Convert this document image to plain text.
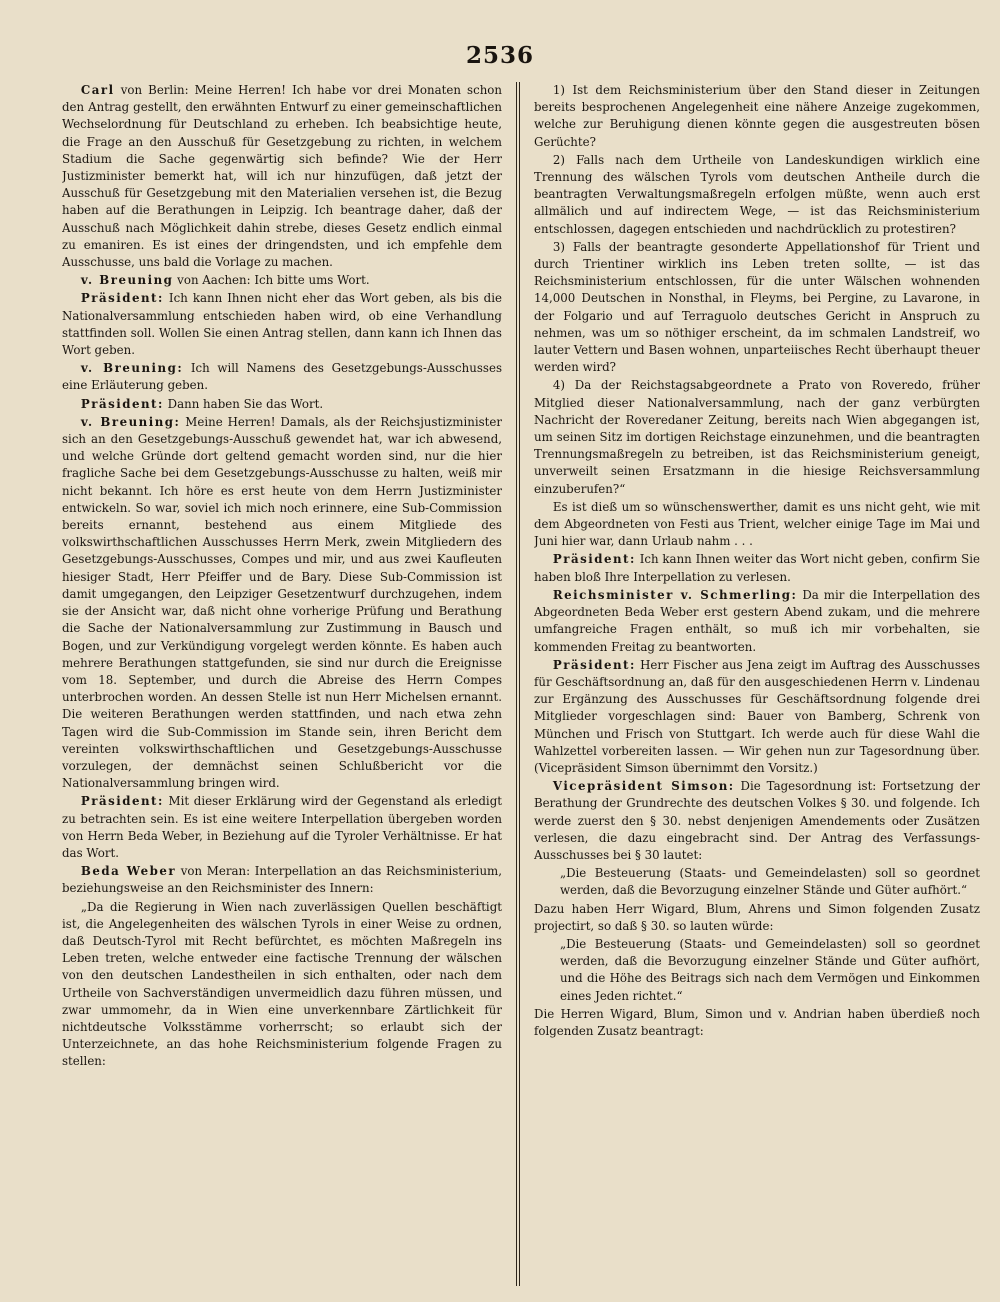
2536

Carl von Berlin: Meine Herren! Ich habe vor drei Monaten schon den Antrag gestellt, den erwähnten Entwurf zu einer gemeinschaftlichen Wechselordnung für Deutschland zu erheben. Ich beabsichtige heute, die Frage an den Ausschuß für Gesetzgebung zu richten, in welchem Stadium die Sache gegenwärtig sich befinde? Wie der Herr Justizminister bemerkt hat, will ich nur hinzufügen, daß jetzt der Ausschuß für Gesetzgebung mit den Materialien versehen ist, die Bezug haben auf die Berathungen in Leipzig. Ich beantrage daher, daß der Ausschuß nach Möglichkeit dahin strebe, dieses Gesetz endlich einmal zu emaniren. Es ist eines der dringendsten, und ich empfehle dem Ausschusse, uns bald die Vorlage zu machen.

v. Breuning von Aachen: Ich bitte ums Wort.

Präsident: Ich kann Ihnen nicht eher das Wort geben, als bis die Nationalversammlung entschieden haben wird, ob eine Verhandlung stattfinden soll. Wollen Sie einen Antrag stellen, dann kann ich Ihnen das Wort geben.

v. Breuning: Ich will Namens des Gesetzgebungs-Ausschusses eine Erläuterung geben.

Präsident: Dann haben Sie das Wort.

v. Breuning: Meine Herren! Damals, als der Reichsjustizminister sich an den Gesetzgebungs-Ausschuß gewendet hat, war ich abwesend, und welche Gründe dort geltend gemacht worden sind, nur die hier fragliche Sache bei dem Gesetzgebungs-Ausschusse zu halten, weiß mir nicht bekannt. Ich höre es erst heute von dem Herrn Justizminister entwickeln. So war, soviel ich mich noch erinnere, eine Sub-Commission bereits ernannt, bestehend aus einem Mitgliede des volkswirthschaftlichen Ausschusses Herrn Merk, zwein Mitgliedern des Gesetzgebungs-Ausschusses, Compes und mir, und aus zwei Kaufleuten hiesiger Stadt, Herr Pfeiffer und de Bary. Diese Sub-Commission ist damit umgegangen, den Leipziger Gesetzentwurf durchzugehen, indem sie der Ansicht war, daß nicht ohne vorherige Prüfung und Berathung die Sache der Nationalversammlung zur Zustimmung in Bausch und Bogen, und zur Verkündigung vorgelegt werden könnte. Es haben auch mehrere Berathungen stattgefunden, sie sind nur durch die Ereignisse vom 18. September, und durch die Abreise des Herrn Compes unterbrochen worden. An dessen Stelle ist nun Herr Michelsen ernannt. Die weiteren Berathungen werden stattfinden, und nach etwa zehn Tagen wird die Sub-Commission im Stande sein, ihren Bericht dem vereinten volkswirthschaftlichen und Gesetzgebungs-Ausschusse vorzulegen, der demnächst seinen Schlußbericht vor die Nationalversammlung bringen wird.

Präsident: Mit dieser Erklärung wird der Gegenstand als erledigt zu betrachten sein. Es ist eine weitere Interpellation übergeben worden von Herrn Beda Weber, in Beziehung auf die Tyroler Verhältnisse. Er hat das Wort.

Beda Weber von Meran: Interpellation an das Reichsministerium, beziehungsweise an den Reichsminister des Innern:

„Da die Regierung in Wien nach zuverlässigen Quellen beschäftigt ist, die Angelegenheiten des wälschen Tyrols in einer Weise zu ordnen, daß Deutsch-Tyrol mit Recht befürchtet, es möchten Maßregeln ins Leben treten, welche entweder eine factische Trennung der wälschen von den deutschen Landestheilen in sich enthalten, oder nach dem Urtheile von Sachverständigen unvermeidlich dazu führen müssen, und zwar ummomehr, da in Wien eine unverkennbare Zärtlichkeit für nichtdeutsche Volksstämme vorherrscht; so erlaubt sich der Unterzeichnete, an das hohe Reichsministerium folgende Fragen zu stellen:

1) Ist dem Reichsministerium über den Stand dieser in Zeitungen bereits besprochenen Angelegenheit eine nähere Anzeige zugekommen, welche zur Beruhigung dienen könnte gegen die ausgestreuten bösen Gerüchte?

2) Falls nach dem Urtheile von Landeskundigen wirklich eine Trennung des wälschen Tyrols vom deutschen Antheile durch die beantragten Verwaltungsmaßregeln erfolgen müßte, wenn auch erst allmälich und auf indirectem Wege, — ist das Reichsministerium entschlossen, dagegen entschieden und nachdrücklich zu protestiren?

3) Falls der beantragte gesonderte Appellationshof für Trient und durch Trientiner wirklich ins Leben treten sollte, — ist das Reichsministerium entschlossen, für die unter Wälschen wohnenden 14,000 Deutschen in Nonsthal, in Fleyms, bei Pergine, zu Lavarone, in der Folgario und auf Terraguolo deutsches Gericht in Anspruch zu nehmen, was um so nöthiger erscheint, da im schmalen Landstreif, wo lauter Vettern und Basen wohnen, unparteiisches Recht überhaupt theuer werden wird?

4) Da der Reichstagsabgeordnete a Prato von Roveredo, früher Mitglied dieser Nationalversammlung, nach der ganz verbürgten Nachricht der Roveredaner Zeitung, bereits nach Wien abgegangen ist, um seinen Sitz im dortigen Reichstage einzunehmen, und die beantragten Trennungsmaßregeln zu betreiben, ist das Reichsministerium geneigt, unverweilt seinen Ersatzmann in die hiesige Reichsversammlung einzuberufen?“

Es ist dieß um so wünschenswerther, damit es uns nicht geht, wie mit dem Abgeordneten von Festi aus Trient, welcher einige Tage im Mai und Juni hier war, dann Urlaub nahm . . .

Präsident: Ich kann Ihnen weiter das Wort nicht geben, confirm Sie haben bloß Ihre Interpellation zu verlesen.

Reichsminister v. Schmerling: Da mir die Interpellation des Abgeordneten Beda Weber erst gestern Abend zukam, und die mehrere umfangreiche Fragen enthält, so muß ich mir vorbehalten, sie kommenden Freitag zu beantworten.

Präsident: Herr Fischer aus Jena zeigt im Auftrag des Ausschusses für Geschäftsordnung an, daß für den ausgeschiedenen Herrn v. Lindenau zur Ergänzung des Ausschusses für Geschäftsordnung folgende drei Mitglieder vorgeschlagen sind: Bauer von Bamberg, Schrenk von München und Frisch von Stuttgart. Ich werde auch für diese Wahl die Wahlzettel vorbereiten lassen. — Wir gehen nun zur Tagesordnung über. (Vicepräsident Simson übernimmt den Vorsitz.)

Vicepräsident Simson: Die Tagesordnung ist: Fortsetzung der Berathung der Grundrechte des deutschen Volkes § 30. und folgende. Ich werde zuerst den § 30. nebst denjenigen Amendements oder Zusätzen verlesen, die dazu eingebracht sind. Der Antrag des Verfassungs-Ausschusses bei § 30 lautet:

„Die Besteuerung (Staats- und Gemeindelasten) soll so geordnet werden, daß die Bevorzugung einzelner Stände und Güter aufhört.“

Dazu haben Herr Wigard, Blum, Ahrens und Simon folgenden Zusatz projectirt, so daß § 30. so lauten würde:

„Die Besteuerung (Staats- und Gemeindelasten) soll so geordnet werden, daß die Bevorzugung einzelner Stände und Güter aufhört, und die Höhe des Beitrags sich nach dem Vermögen und Einkommen eines Jeden richtet.“

Die Herren Wigard, Blum, Simon und v. Andrian haben überdieß noch folgenden Zusatz beantragt:
